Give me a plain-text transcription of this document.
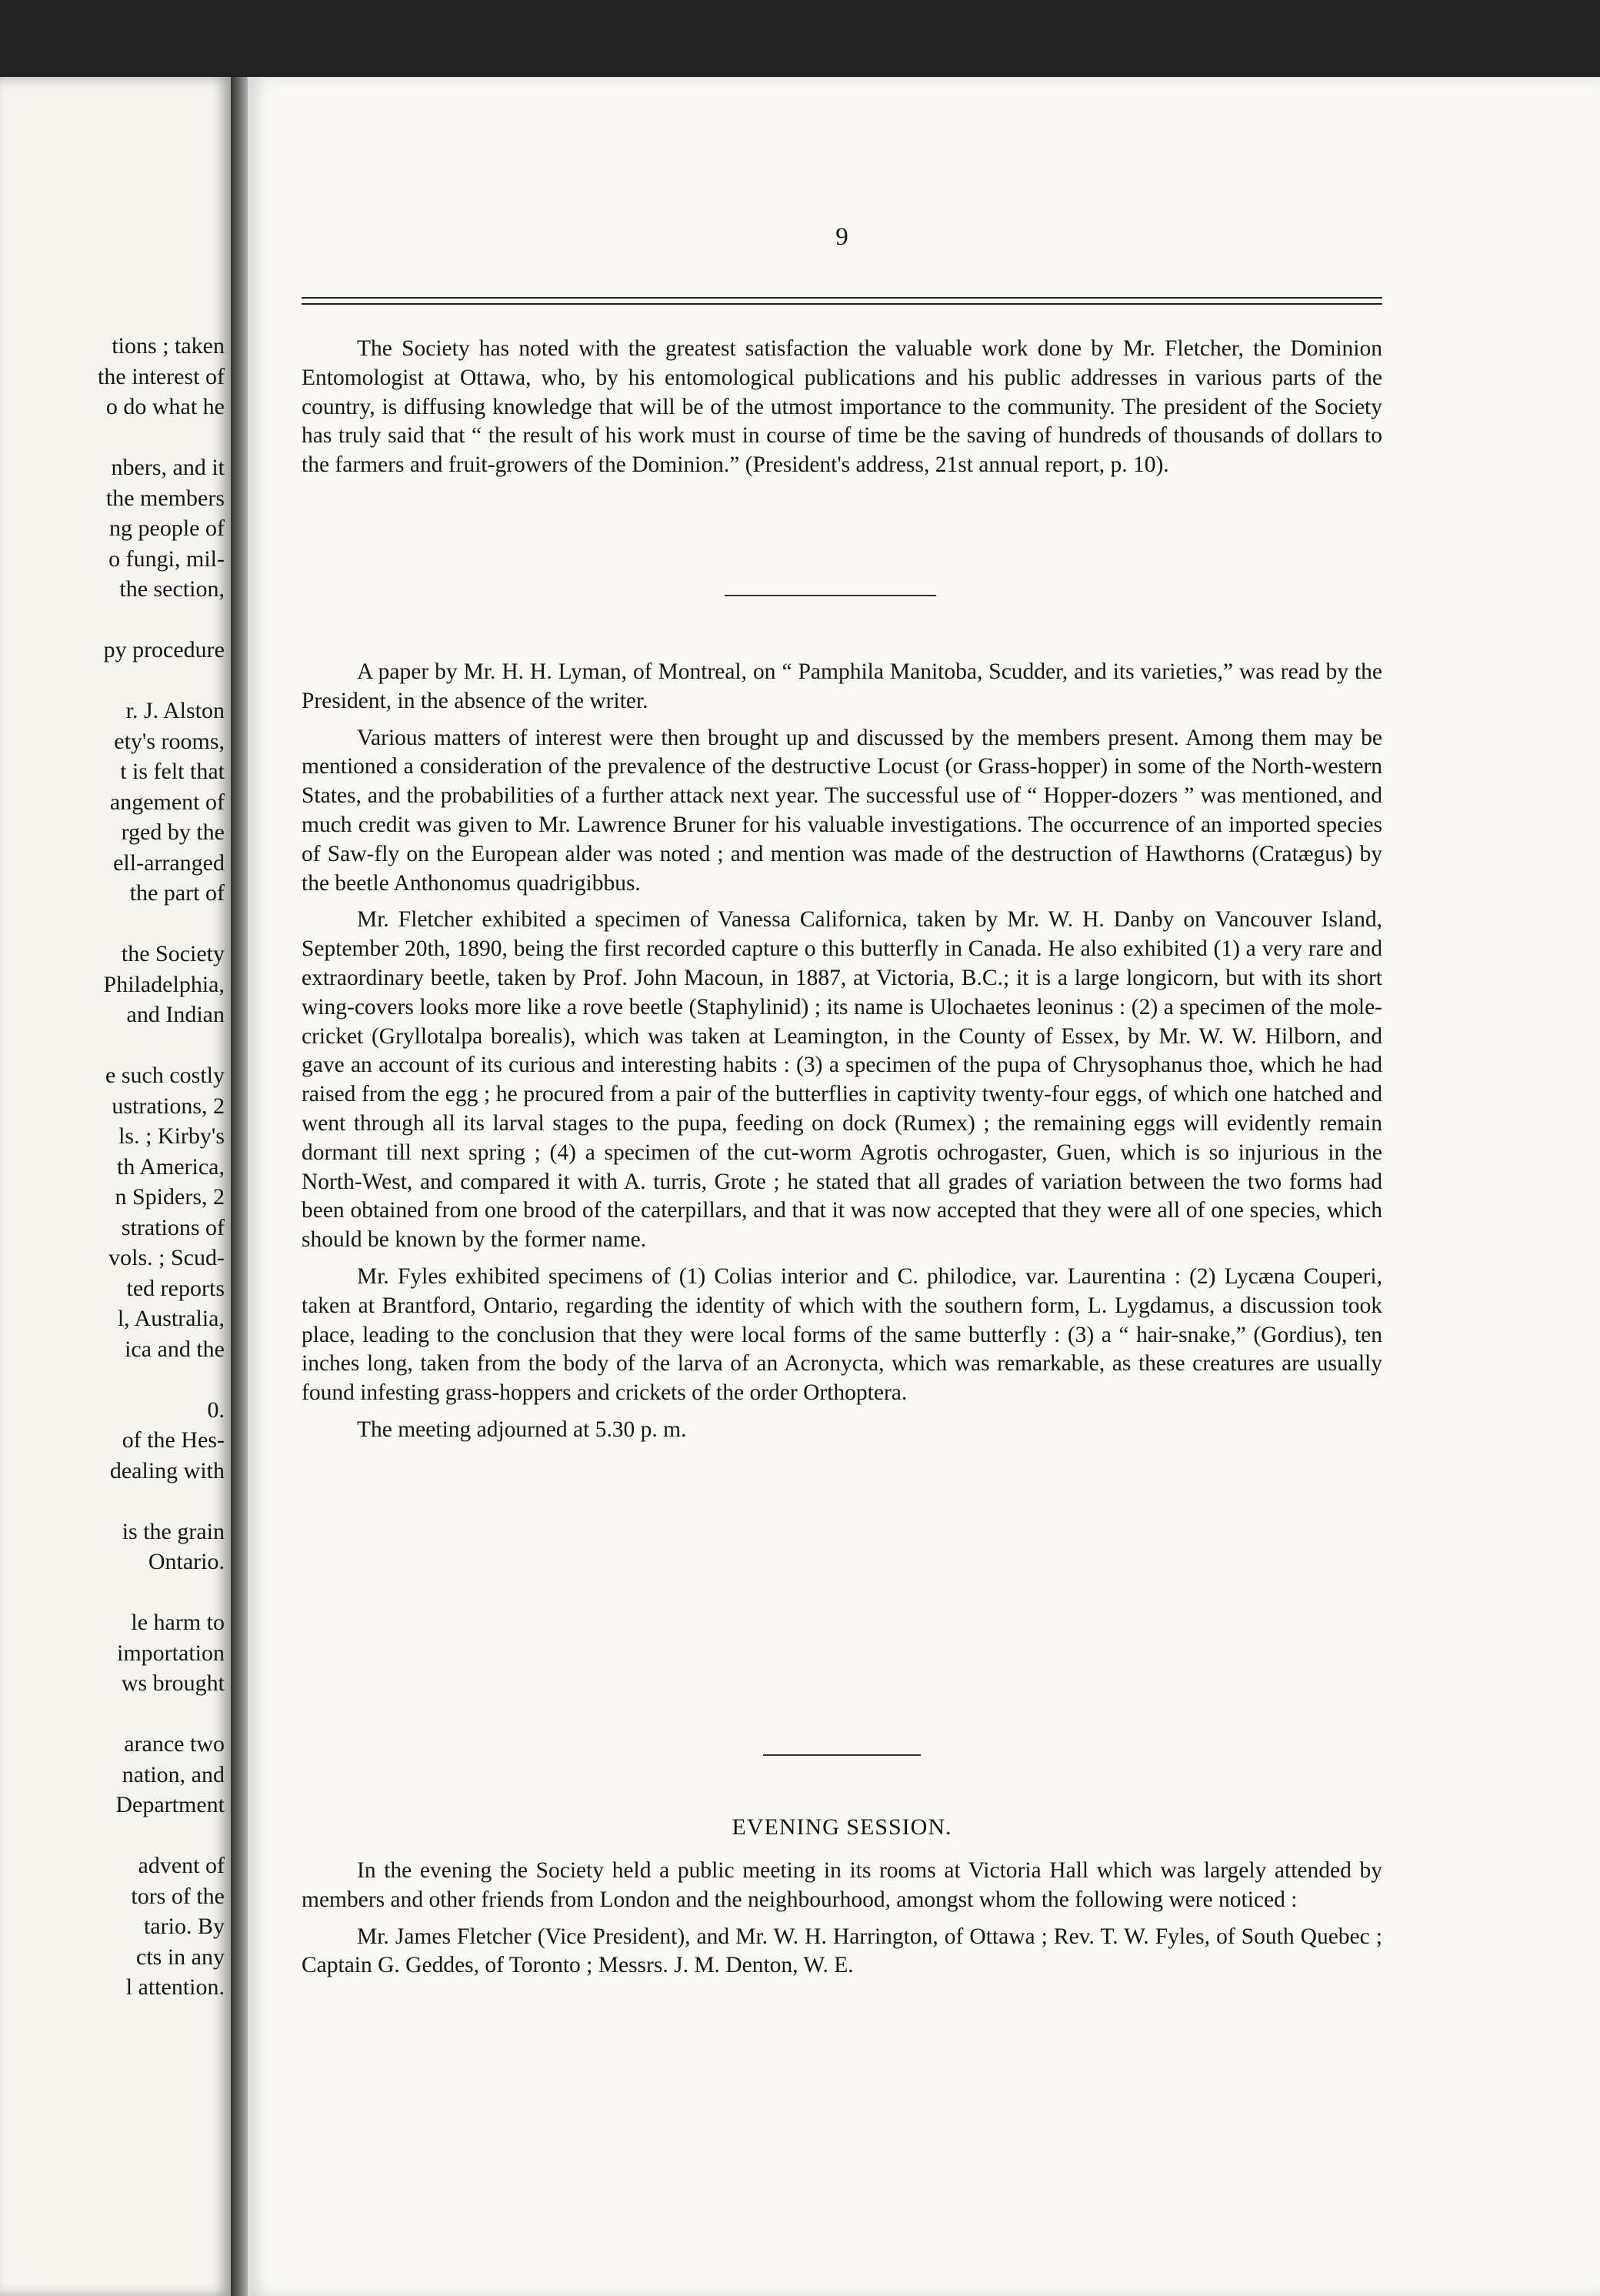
tions ; taken
the interest of
o do what he
nbers, and it
the members
ng people of
o fungi, mil-
the section,
py procedure
r. J. Alston
ety's rooms,
t is felt that
angement of
rged by the
ell-arranged
the part of
the Society
Philadelphia,
and Indian
e such costly
ustrations, 2
ls. ; Kirby's
th America,
n Spiders, 2
strations of
vols. ; Scud-
ted reports
l, Australia,
ica and the
0.
of the Hes-
dealing with
is the grain
Ontario.
le harm to
importation
ws brought
arance two
nation, and
Department
advent of
tors of the
tario. By
cts in any
l attention.
9

The Society has noted with the greatest satisfaction the valuable work done by Mr. Fletcher, the Dominion Entomologist at Ottawa, who, by his entomological publications and his public addresses in various parts of the country, is diffusing knowledge that will be of the utmost importance to the community. The president of the Society has truly said that “ the result of his work must in course of time be the saving of hundreds of thousands of dollars to the farmers and fruit-growers of the Dominion.” (President's address, 21st annual report, p. 10).

A paper by Mr. H. H. Lyman, of Montreal, on “ Pamphila Manitoba, Scudder, and its varieties,” was read by the President, in the absence of the writer.

Various matters of interest were then brought up and discussed by the members present. Among them may be mentioned a consideration of the prevalence of the destructive Locust (or Grass-hopper) in some of the North-western States, and the probabilities of a further attack next year. The successful use of “ Hopper-dozers ” was mentioned, and much credit was given to Mr. Lawrence Bruner for his valuable investigations. The occurrence of an imported species of Saw-fly on the European alder was noted ; and mention was made of the destruction of Hawthorns (Cratægus) by the beetle Anthonomus quadrigibbus.

Mr. Fletcher exhibited a specimen of Vanessa Californica, taken by Mr. W. H. Danby on Vancouver Island, September 20th, 1890, being the first recorded capture o this butterfly in Canada. He also exhibited (1) a very rare and extraordinary beetle, taken by Prof. John Macoun, in 1887, at Victoria, B.C.; it is a large longicorn, but with its short wing-covers looks more like a rove beetle (Staphylinid) ; its name is Ulochaetes leoninus : (2) a specimen of the mole-cricket (Gryllotalpa borealis), which was taken at Leamington, in the County of Essex, by Mr. W. W. Hilborn, and gave an account of its curious and interesting habits : (3) a specimen of the pupa of Chrysophanus thoe, which he had raised from the egg ; he procured from a pair of the butterflies in captivity twenty-four eggs, of which one hatched and went through all its larval stages to the pupa, feeding on dock (Rumex) ; the remaining eggs will evidently remain dormant till next spring ; (4) a specimen of the cut-worm Agrotis ochrogaster, Guen, which is so injurious in the North-West, and compared it with A. turris, Grote ; he stated that all grades of variation between the two forms had been obtained from one brood of the caterpillars, and that it was now accepted that they were all of one species, which should be known by the former name.

Mr. Fyles exhibited specimens of (1) Colias interior and C. philodice, var. Laurentina : (2) Lycæna Couperi, taken at Brantford, Ontario, regarding the identity of which with the southern form, L. Lygdamus, a discussion took place, leading to the conclusion that they were local forms of the same butterfly : (3) a “ hair-snake,” (Gordius), ten inches long, taken from the body of the larva of an Acronycta, which was remarkable, as these creatures are usually found infesting grass-hoppers and crickets of the order Orthoptera.

The meeting adjourned at 5.30 p. m.

EVENING SESSION.

In the evening the Society held a public meeting in its rooms at Victoria Hall which was largely attended by members and other friends from London and the neighbourhood, amongst whom the following were noticed :

Mr. James Fletcher (Vice President), and Mr. W. H. Harrington, of Ottawa ; Rev. T. W. Fyles, of South Quebec ; Captain G. Geddes, of Toronto ; Messrs. J. M. Denton, W. E.
